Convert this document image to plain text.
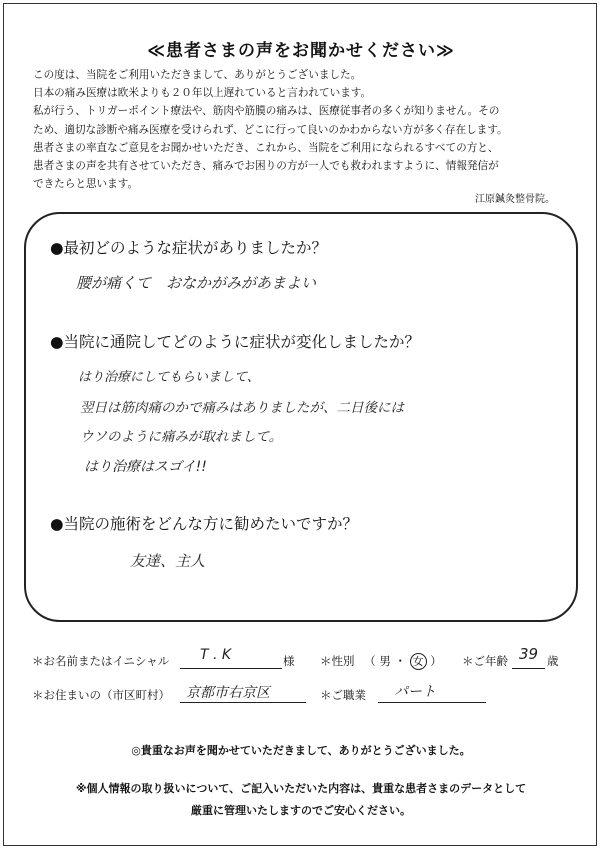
≪患者さまの声をお聞かせください≫
この度は、当院をご利用いただきまして、ありがとうございました。
日本の痛み医療は欧米よりも２０年以上遅れていると言われています。
私が行う、トリガーポイント療法や、筋肉や筋膜の痛みは、医療従事者の多くが知りません。その
ため、適切な診断や痛み医療を受けられず、どこに行って良いのかわからない方が多く存在します。
患者さまの率直なご意見をお聞かせいただき、これから、当院をご利用になられるすべての方と、
患者さまの声を共有させていただき、痛みでお困りの方が一人でも救われますように、情報発信が
できたらと思います。
江原鍼灸整骨院。
●最初どのような症状がありましたか？
腰が痛くて　おなかがみがあまよい
●当院に通院してどのように症状が変化しましたか？
はり治療にしてもらいまして、
翌日は筋肉痛のかで痛みはありましたが、二日後には
ウソのように痛みが取れまして。
はり治療はスゴイ!!
●当院の施術をどんな方に勧めたいですか？
友達、主人
＊お名前またはイニシャル T . K	様 ＊性別 （ 男 ・ 女 ） ＊ご年齢 39 歳
＊お住まいの（市区町村） 京都市右京区	＊ご職業 パート
◎貴重なお声を聞かせていただきまして、ありがとうございました。
※個人情報の取り扱いについて、ご記入いただいた内容は、貴重な患者さまのデータとして
厳重に管理いたしますのでご安心ください。
